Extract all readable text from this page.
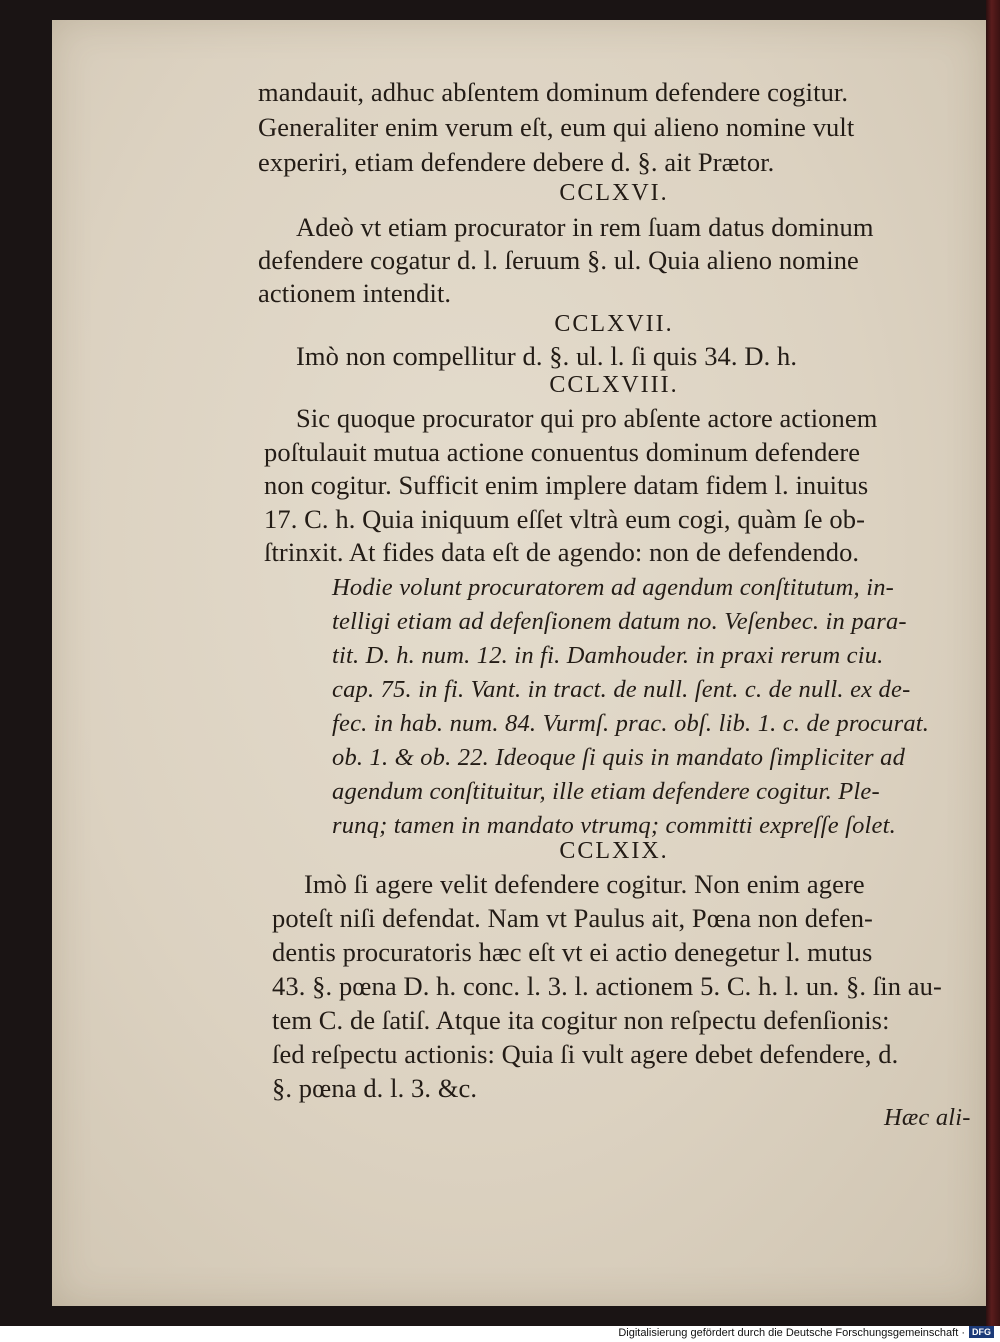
mandauit, adhuc abſentem dominum defendere cogitur.
Generaliter enim verum eſt, eum qui alieno nomine vult
experiri, etiam defendere debere d. §. ait Prætor.
CCLXVI.
Adeò vt etiam procurator in rem ſuam datus dominum
defendere cogatur d. l. ſeruum §. ul. Quia alieno nomine
actionem intendit.
CCLXVII.
Imò non compellitur d. §. ul. l. ſi quis 34. D. h.
CCLXVIII.
Sic quoque procurator qui pro abſente actore actionem
poſtulauit mutua actione conuentus dominum defendere
non cogitur. Sufficit enim implere datam fidem l. inuitus
17. C. h. Quia iniquum eſſet vltrà eum cogi, quàm ſe ob-
ſtrinxit. At fides data eſt de agendo: non de defendendo.
Hodie volunt procuratorem ad agendum conſtitutum, in-
telligi etiam ad defenſionem datum no. Veſenbec. in para-
tit. D. h. num. 12. in fi. Damhouder. in praxi rerum ciu.
cap. 75. in fi. Vant. in tract. de null. ſent. c. de null. ex de-
fec. in hab. num. 84. Vurmſ. prac. obſ. lib. 1. c. de procurat.
ob. 1. & ob. 22. Ideoque ſi quis in mandato ſimpliciter ad
agendum conſtituitur, ille etiam defendere cogitur. Ple-
runq; tamen in mandato vtrumq; committi expreſſe ſolet.
CCLXIX.
Imò ſi agere velit defendere cogitur. Non enim agere
poteſt niſi defendat. Nam vt Paulus ait, Pœna non defen-
dentis procuratoris hæc eſt vt ei actio denegetur l. mutus
43. §. pœna D. h. conc. l. 3. l. actionem 5. C. h. l. un. §. ſin au-
tem C. de ſatiſ. Atque ita cogitur non reſpectu defenſionis:
ſed reſpectu actionis: Quia ſi vult agere debet defendere, d.
§. pœna d. l. 3. &c.
Hæc ali-
Digitalisierung gefördert durch die Deutsche Forschungsgemeinschaft · DFG
